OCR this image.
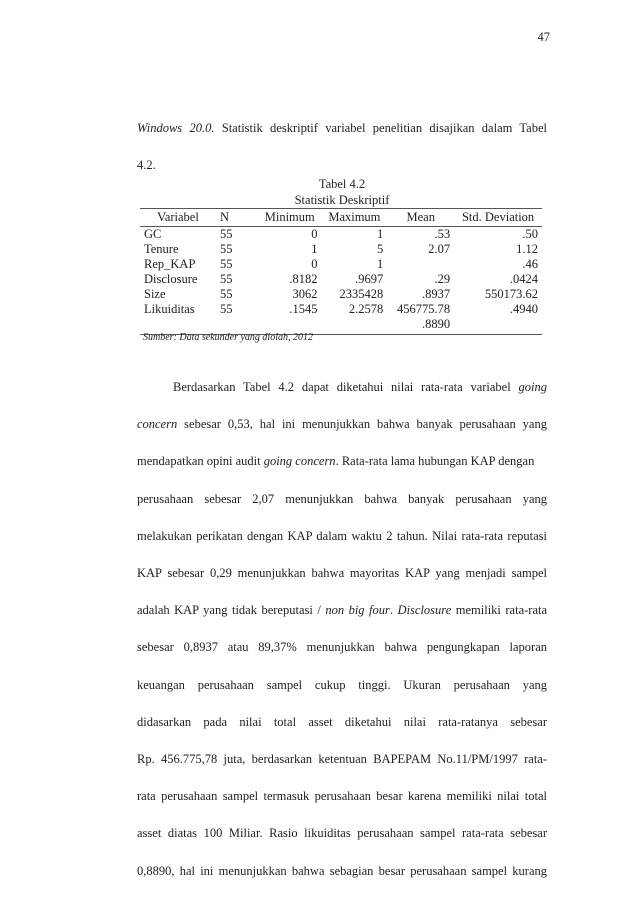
47
Windows 20.0. Statistik deskriptif variabel penelitian disajikan dalam Tabel
4.2.
Tabel 4.2
Statistik Deskriptif
Variabel	N	Minimum	Maximum	Mean	Std. Deviation
GC	55	0	1	.53	.50
Tenure	55	1	5	2.07	1.12
Rep_KAP	55	0	1		.46
Disclosure	55	.8182	.9697	.29	.0424
Size	55	3062	2335428	.8937	550173.62
Likuiditas	55	.1545	2.2578	456775.78	.4940
				.8890	
Sumber: Data sekunder yang diolah, 2012
Berdasarkan Tabel 4.2 dapat diketahui nilai rata-rata variabel going
concern sebesar 0,53, hal ini menunjukkan bahwa banyak perusahaan yang
mendapatkan opini audit going concern. Rata-rata lama hubungan KAP dengan
perusahaan sebesar 2,07 menunjukkan bahwa banyak perusahaan yang
melakukan perikatan dengan KAP dalam waktu 2 tahun. Nilai rata-rata reputasi
KAP sebesar 0,29 menunjukkan bahwa mayoritas KAP yang menjadi sampel
adalah KAP yang tidak bereputasi / non big four. Disclosure memiliki rata-rata
sebesar 0,8937 atau 89,37% menunjukkan bahwa pengungkapan laporan
keuangan perusahaan sampel cukup tinggi. Ukuran perusahaan yang
didasarkan pada nilai total asset diketahui nilai rata-ratanya sebesar
Rp. 456.775,78 juta, berdasarkan ketentuan BAPEPAM No.11/PM/1997 rata-
rata perusahaan sampel termasuk perusahaan besar karena memiliki nilai total
asset diatas 100 Miliar. Rasio likuiditas perusahaan sampel rata-rata sebesar
0,8890, hal ini menunjukkan bahwa sebagian besar perusahaan sampel kurang
